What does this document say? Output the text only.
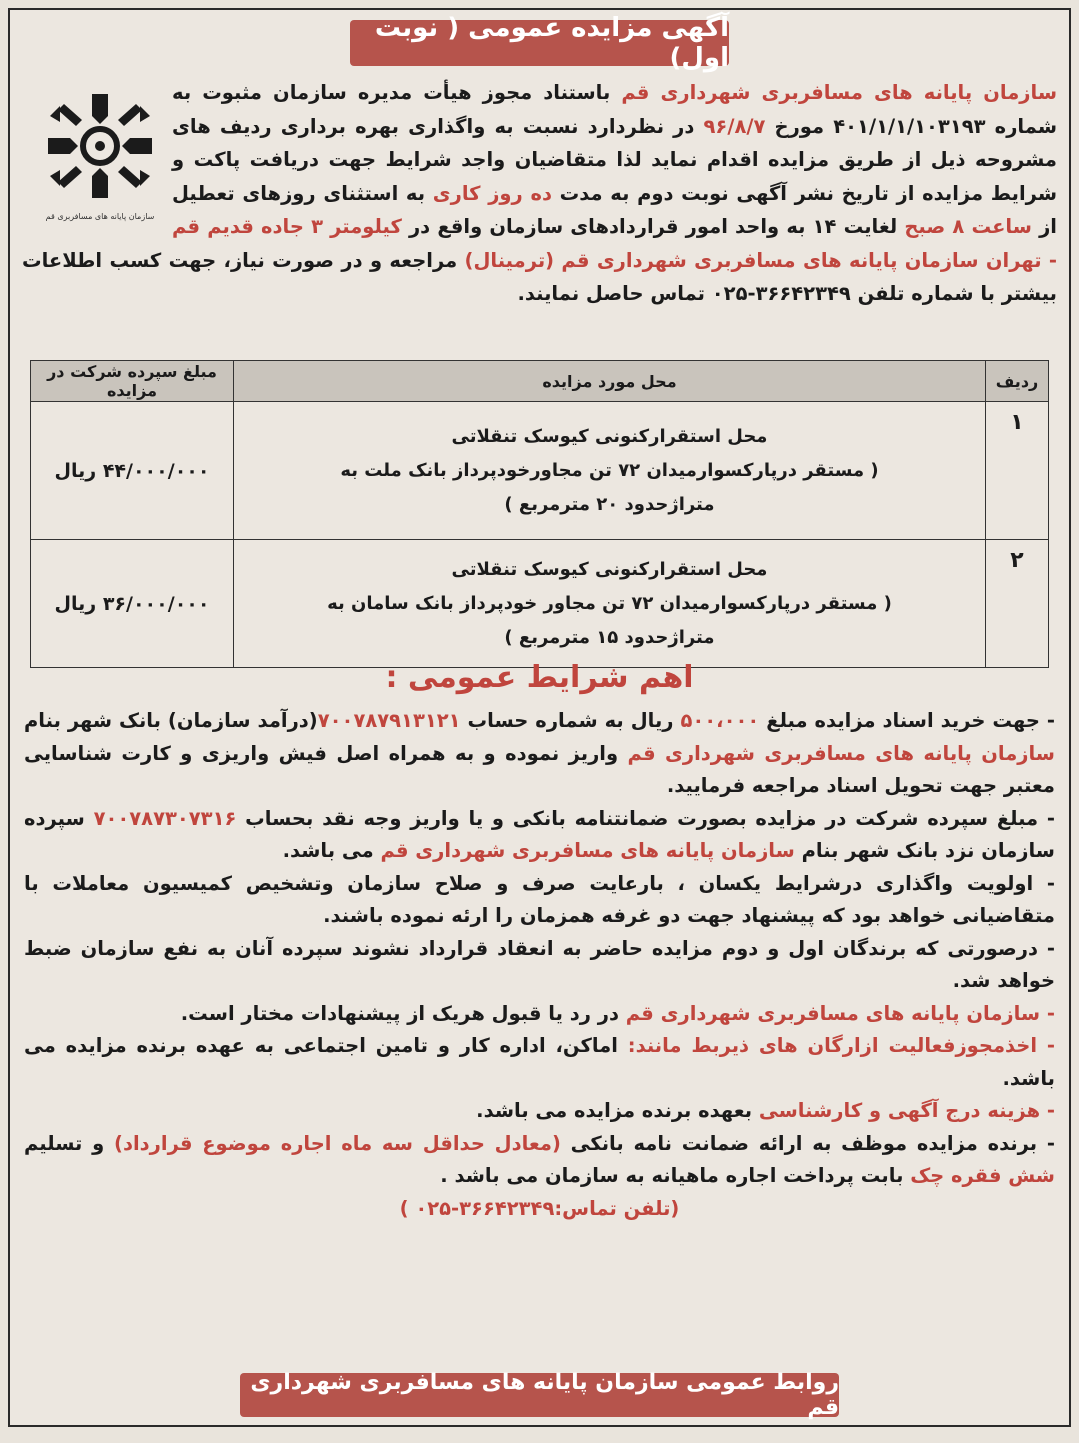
آگهی مزایده عمومی ( نوبت اول)
سازمان پایانه های مسافربری قم
سازمان پایانه های مسافربری شهرداری قم باستناد مجوز هیأت مدیره سازمان مثبوت به شماره ۴۰۱/۱/۱/۱۰۳۱۹۳ مورخ ۹۶/۸/۷ در نظردارد نسبت به واگذاری بهره برداری ردیف های مشروحه ذیل از طریق مزایده اقدام نماید لذا متقاضیان واجد شرایط جهت دریافت پاکت و شرایط مزایده از تاریخ نشر آگهی نوبت دوم به مدت ده روز کاری به استثنای روزهای تعطیل از ساعت ۸ صبح لغایت ۱۴ به واحد امور قراردادهای سازمان واقع در کیلومتر ۳ جاده قدیم قم - تهران سازمان پایانه های مسافربری شهرداری قم (ترمینال) مراجعه و در صورت نیاز، جهت کسب اطلاعات بیشتر با شماره تلفن ۳۶۶۴۲۳۴۹-۰۲۵ تماس حاصل نمایند.
ردیف	محل مورد مزایده	مبلغ سپرده شرکت در مزایده
۱	محل استقرارکنونی کیوسک تنقلاتی
( مستقر درپارکسوارمیدان ۷۲ تن مجاورخودپرداز بانک ملت به
متراژحدود ۲۰ مترمربع )	۴۴/۰۰۰/۰۰۰ ریال
۲	محل استقرارکنونی کیوسک تنقلاتی
( مستقر درپارکسوارمیدان ۷۲ تن مجاور خودپرداز بانک سامان به
متراژحدود ۱۵ مترمربع )	۳۶/۰۰۰/۰۰۰ ریال
اهم شرایط عمومی :

- جهت خرید اسناد مزایده مبلغ ۵۰۰،۰۰۰ ریال به شماره حساب ۷۰۰۷۸۷۹۱۳۱۲۱(درآمد سازمان) بانک شهر بنام سازمان پایانه های مسافربری شهرداری قم واریز نموده و به همراه اصل فیش واریزی و کارت شناسایی معتبر جهت تحویل اسناد مراجعه فرمایید.

- مبلغ سپرده شرکت در مزایده بصورت ضمانتنامه بانکی و یا واریز وجه نقد بحساب ۷۰۰۷۸۷۳۰۷۳۱۶ سپرده سازمان نزد بانک شهر بنام سازمان پایانه های مسافربری شهرداری قم می باشد.

- اولویت واگذاری درشرایط یکسان ، بارعایت صرف و صلاح سازمان وتشخیص کمیسیون معاملات با متقاضیانی خواهد بود که پیشنهاد جهت دو غرفه همزمان را ارئه نموده باشند.

- درصورتی که برندگان اول و دوم مزایده حاضر به انعقاد قرارداد نشوند سپرده آنان به نفع سازمان ضبط خواهد شد.

- سازمان پایانه های مسافربری شهرداری قم در رد یا قبول هریک از پیشنهادات مختار است.

- اخذمجوزفعالیت ازارگان های ذیربط مانند: اماکن، اداره کار و تامین اجتماعی به عهده برنده مزایده می باشد.

- هزینه درج آگهی و کارشناسی بعهده برنده مزایده می باشد.

- برنده مزایده موظف به ارائه ضمانت نامه بانکی (معادل حداقل سه ماه اجاره موضوع قرارداد) و تسلیم شش فقره چک بابت پرداخت اجاره ماهیانه به سازمان می باشد .

(تلفن تماس:۳۶۶۴۲۳۴۹-۰۲۵ )

روابط عمومی سازمان پایانه های مسافربری شهرداری قم
